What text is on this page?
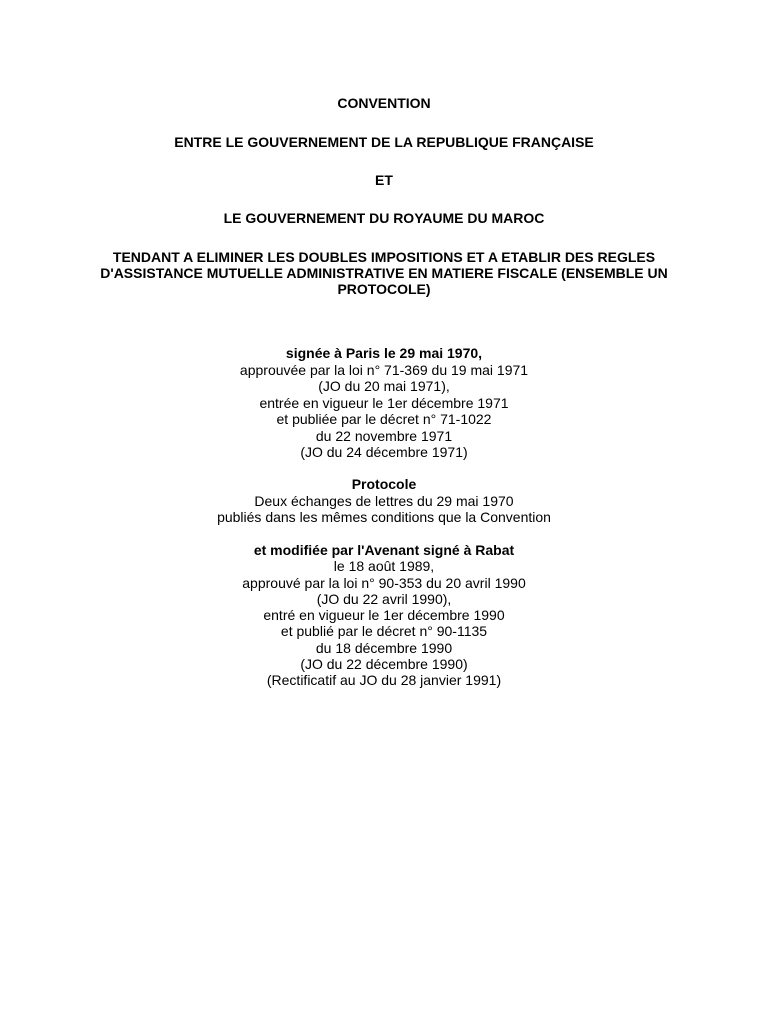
CONVENTION
ENTRE LE GOUVERNEMENT DE LA REPUBLIQUE FRANÇAISE
ET
LE GOUVERNEMENT DU ROYAUME DU MAROC
TENDANT A ELIMINER LES DOUBLES IMPOSITIONS ET A ETABLIR DES REGLES
D'ASSISTANCE MUTUELLE ADMINISTRATIVE EN MATIERE FISCALE (ENSEMBLE UN
PROTOCOLE)
signée à Paris le 29 mai 1970,
approuvée par la loi n° 71-369 du 19 mai 1971
(JO du 20 mai 1971),
entrée en vigueur le 1er décembre 1971
et publiée par le décret n° 71-1022
du 22 novembre 1971
(JO du 24 décembre 1971)
Protocole
Deux échanges de lettres du 29 mai 1970
publiés dans les mêmes conditions que la Convention
et modifiée par l'Avenant signé à Rabat
le 18 août 1989,
approuvé par la loi n° 90-353 du 20 avril 1990
(JO du 22 avril 1990),
entré en vigueur le 1er décembre 1990
et publié par le décret n° 90-1135
du 18 décembre 1990
(JO du 22 décembre 1990)
(Rectificatif au JO du 28 janvier 1991)
